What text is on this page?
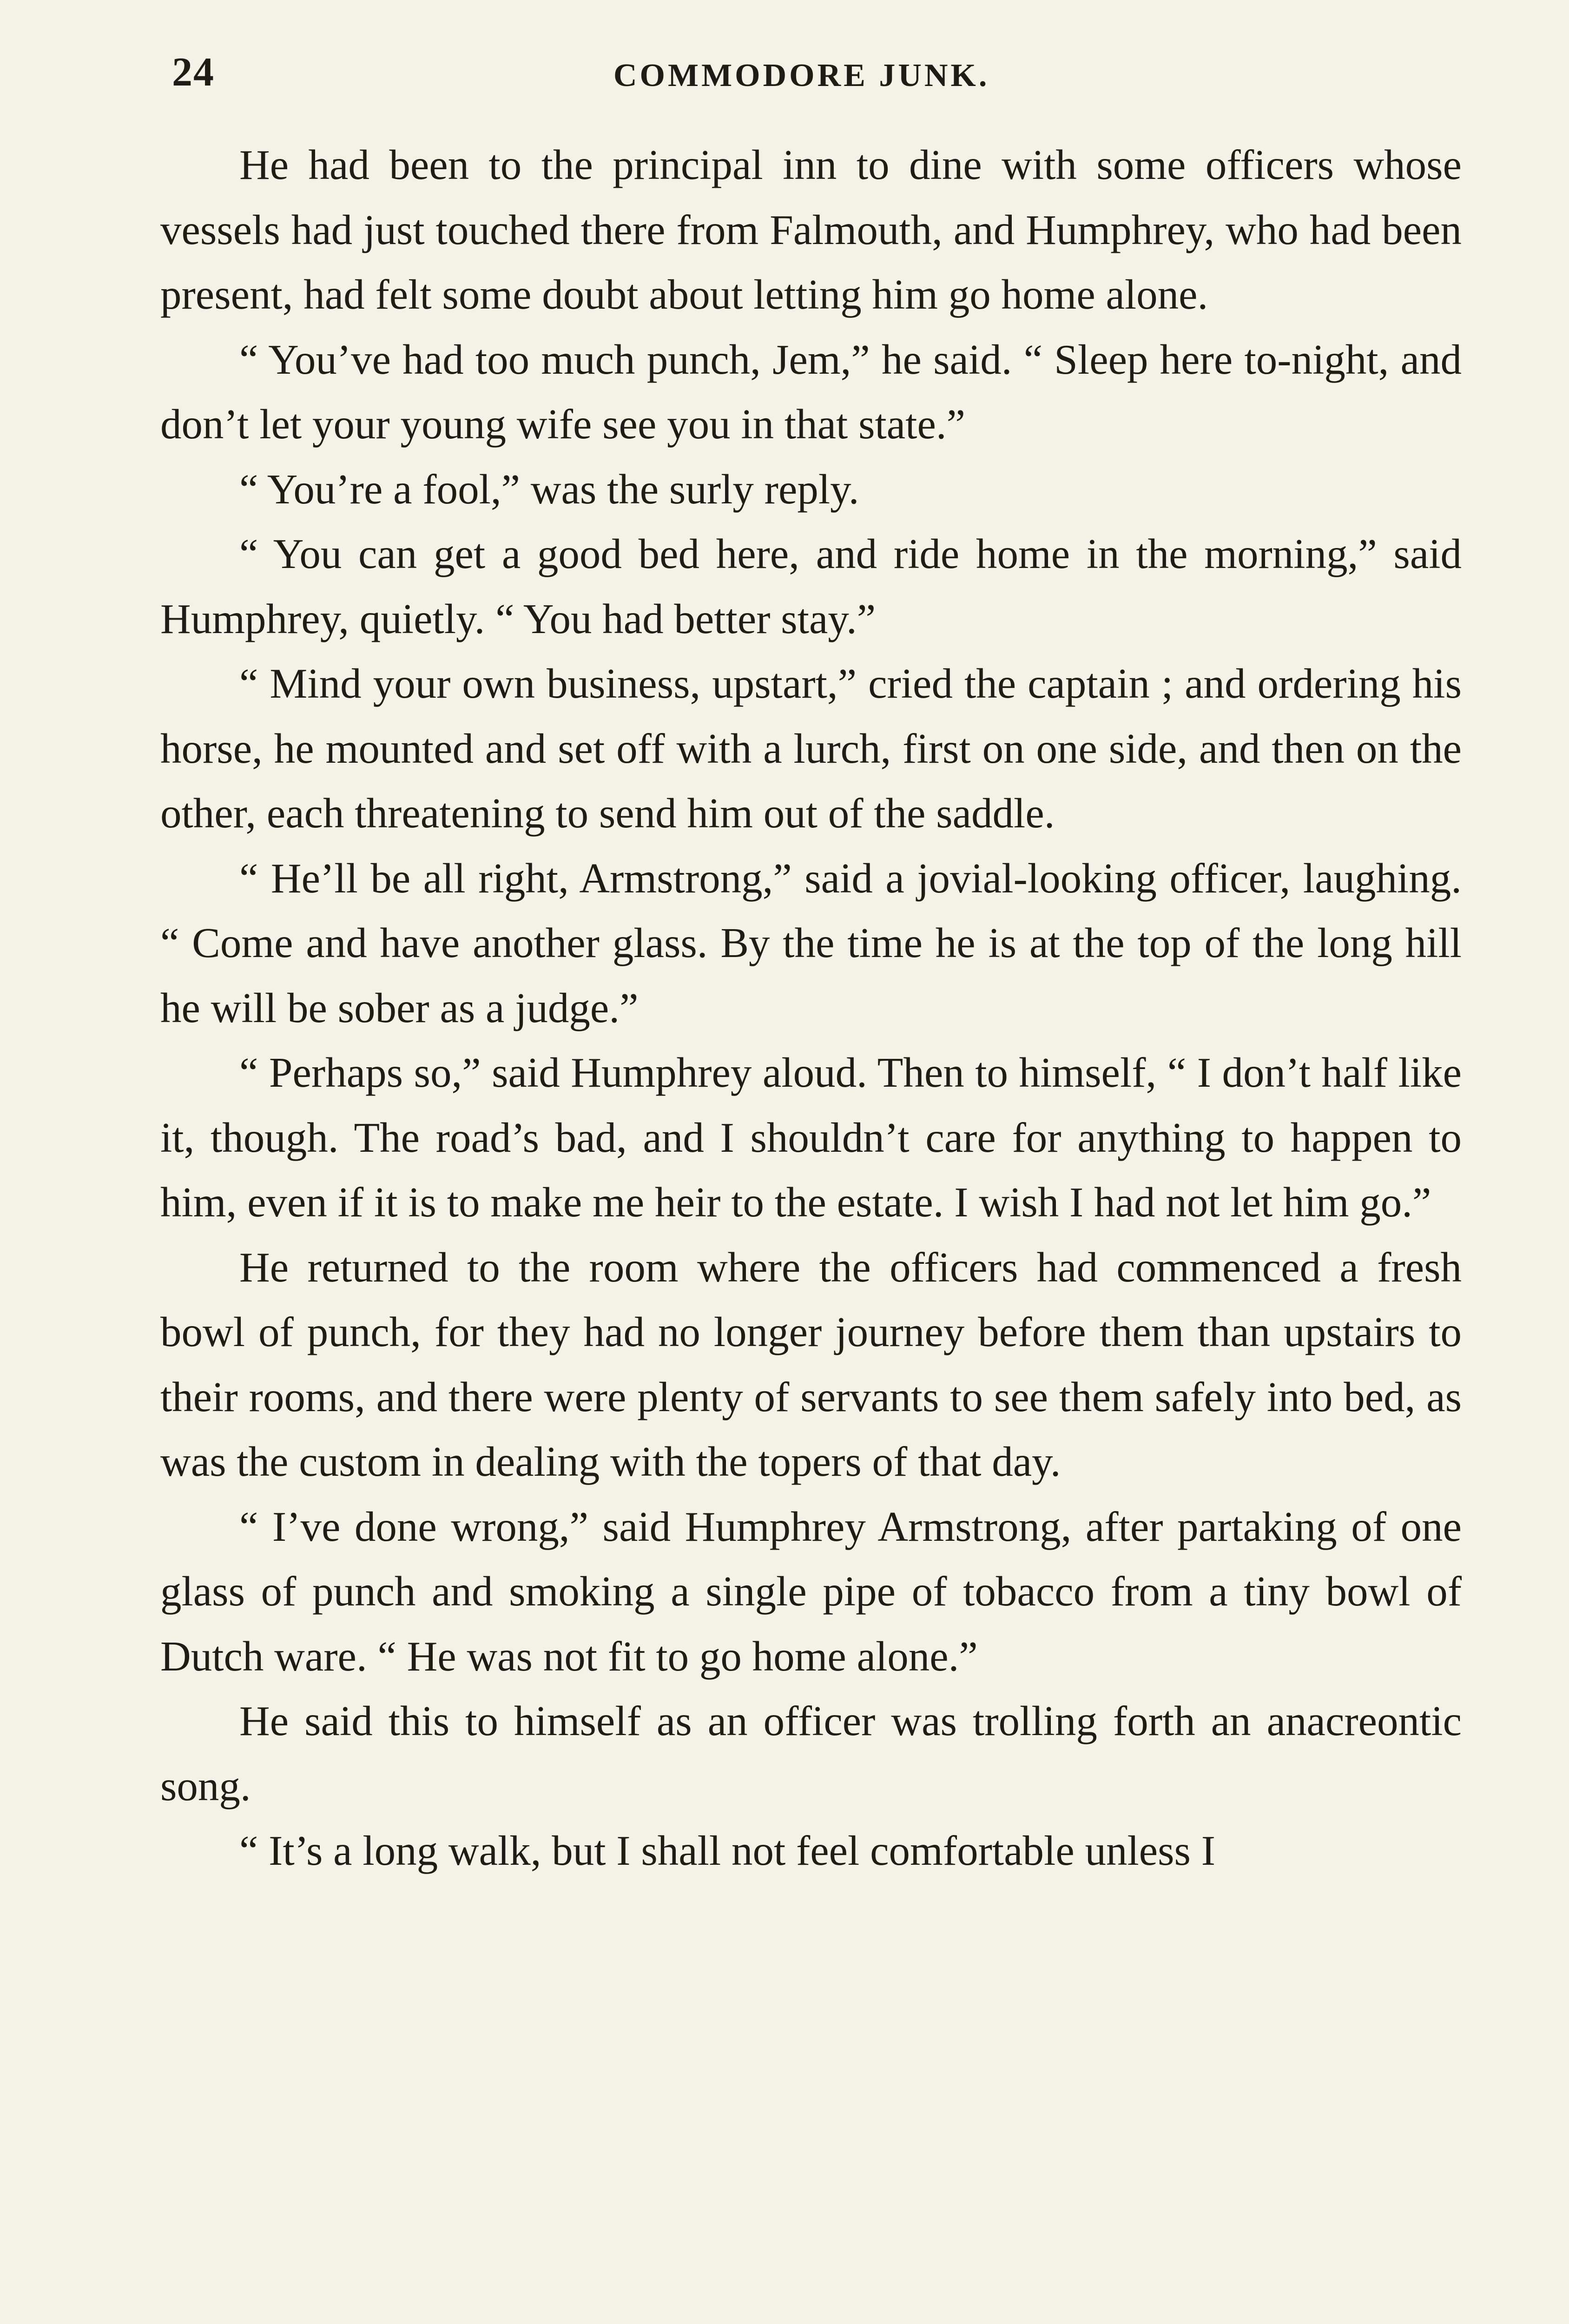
24	COMMODORE JUNK.

He had been to the principal inn to dine with some officers whose vessels had just touched there from Falmouth, and Humphrey, who had been present, had felt some doubt about letting him go home alone.

“ You’ve had too much punch, Jem,” he said. “ Sleep here to-night, and don’t let your young wife see you in that state.”

“ You’re a fool,” was the surly reply.

“ You can get a good bed here, and ride home in the morning,” said Humphrey, quietly. “ You had better stay.”

“ Mind your own business, upstart,” cried the captain ; and ordering his horse, he mounted and set off with a lurch, first on one side, and then on the other, each threatening to send him out of the saddle.

“ He’ll be all right, Armstrong,” said a jovial-looking officer, laughing. “ Come and have another glass. By the time he is at the top of the long hill he will be sober as a judge.”

“ Perhaps so,” said Humphrey aloud. Then to himself, “ I don’t half like it, though. The road’s bad, and I shouldn’t care for anything to happen to him, even if it is to make me heir to the estate. I wish I had not let him go.”

He returned to the room where the officers had commenced a fresh bowl of punch, for they had no longer journey before them than upstairs to their rooms, and there were plenty of servants to see them safely into bed, as was the custom in dealing with the topers of that day.

“ I’ve done wrong,” said Humphrey Armstrong, after partaking of one glass of punch and smoking a single pipe of tobacco from a tiny bowl of Dutch ware. “ He was not fit to go home alone.”

He said this to himself as an officer was trolling forth an anacreontic song.

“ It’s a long walk, but I shall not feel comfortable unless I
